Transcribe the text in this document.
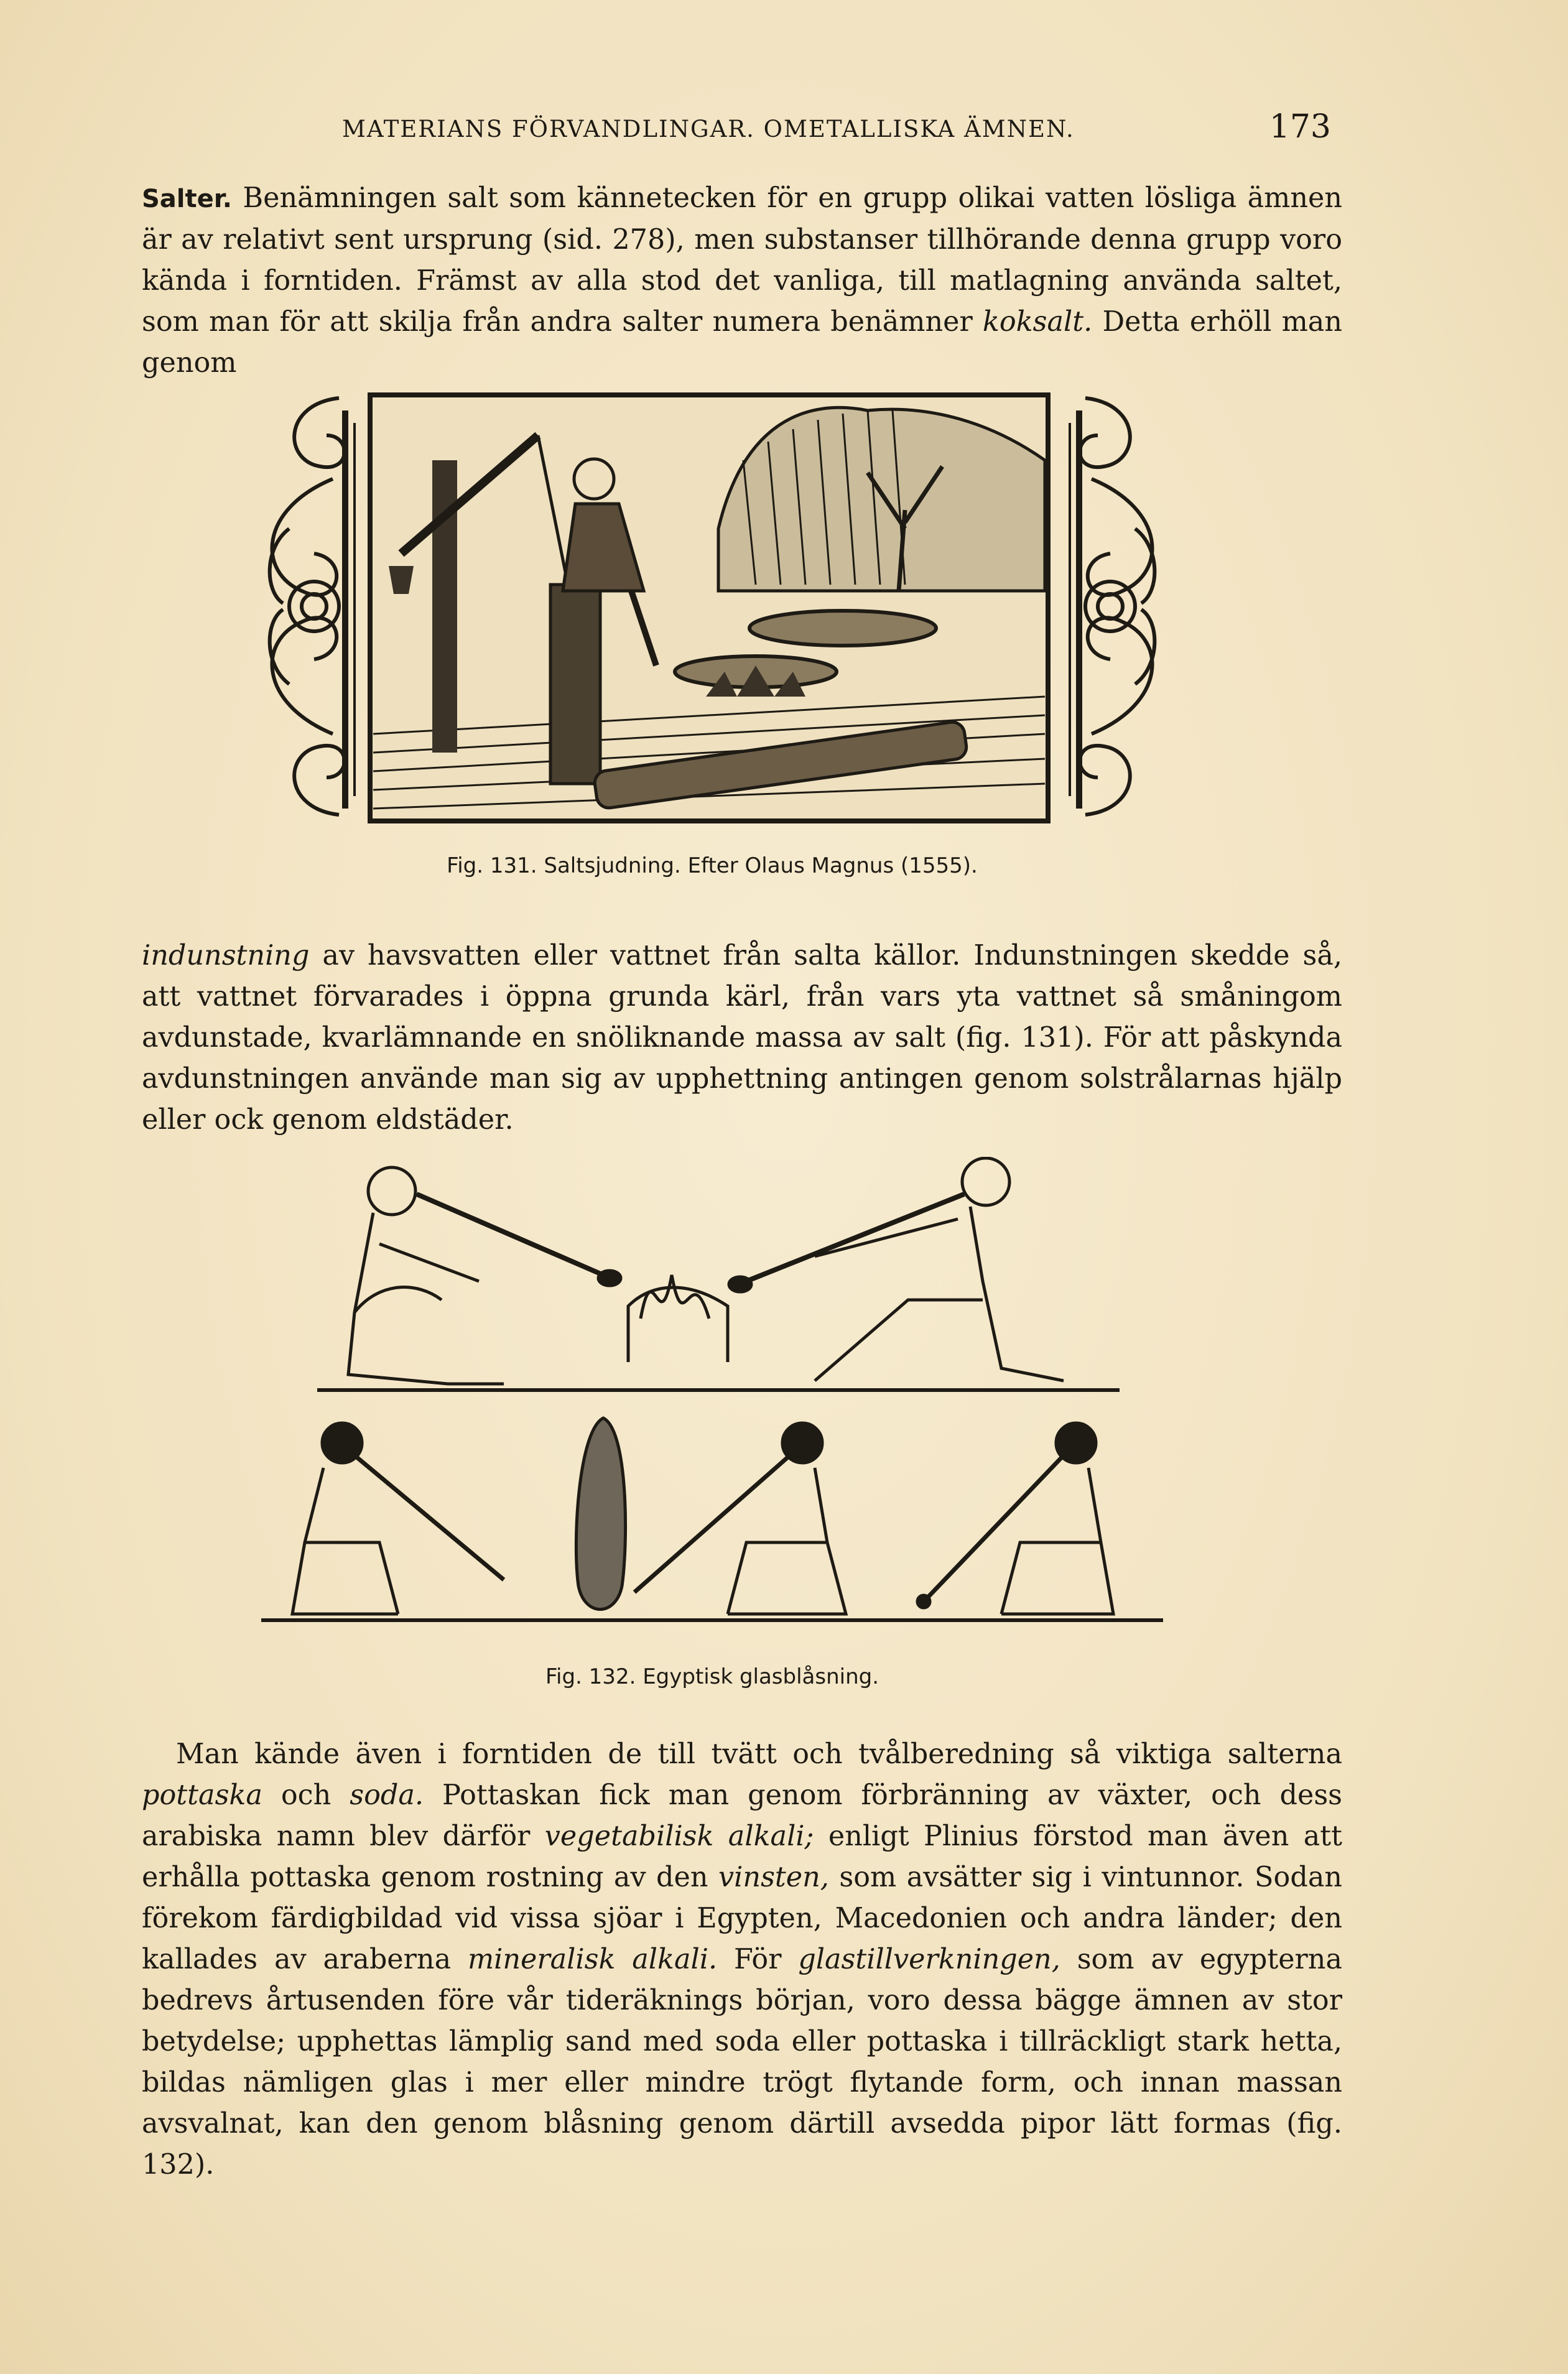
MATERIANS FÖRVANDLINGAR. OMETALLISKA ÄMNEN.	173

Salter. Benämningen salt som kännetecken för en grupp olikai vatten lösliga ämnen är av relativt sent ursprung (sid. 278), men substanser tillhörande denna grupp voro kända i forntiden. Främst av alla stod det vanliga, till matlagning använda saltet, som man för att skilja från andra salter numera benämner koksalt. Detta erhöll man genom

Fig. 131. Saltsjudning. Efter Olaus Magnus (1555).

indunstning av havsvatten eller vattnet från salta källor. Indunstningen skedde så, att vattnet förvarades i öppna grunda kärl, från vars yta vattnet så småningom avdunstade, kvarlämnande en snöliknande massa av salt (fig. 131). För att påskynda avdunstningen använde man sig av upphettning antingen genom solstrålarnas hjälp eller ock genom eldstäder.

Fig. 132. Egyptisk glasblåsning.

Man kände även i forntiden de till tvätt och tvålberedning så viktiga salterna pottaska och soda. Pottaskan fick man genom förbränning av växter, och dess arabiska namn blev därför vegetabilisk alkali; enligt Plinius förstod man även att erhålla pottaska genom rostning av den vinsten, som avsätter sig i vintunnor. Sodan förekom färdigbildad vid vissa sjöar i Egypten, Macedonien och andra länder; den kallades av araberna mineralisk alkali. För glastillverkningen, som av egypterna bedrevs årtusenden före vår tideräknings början, voro dessa bägge ämnen av stor betydelse; upphettas lämplig sand med soda eller pottaska i tillräckligt stark hetta, bildas nämligen glas i mer eller mindre trögt flytande form, och innan massan avsvalnat, kan den genom blåsning genom därtill avsedda pipor lätt formas (fig. 132).
